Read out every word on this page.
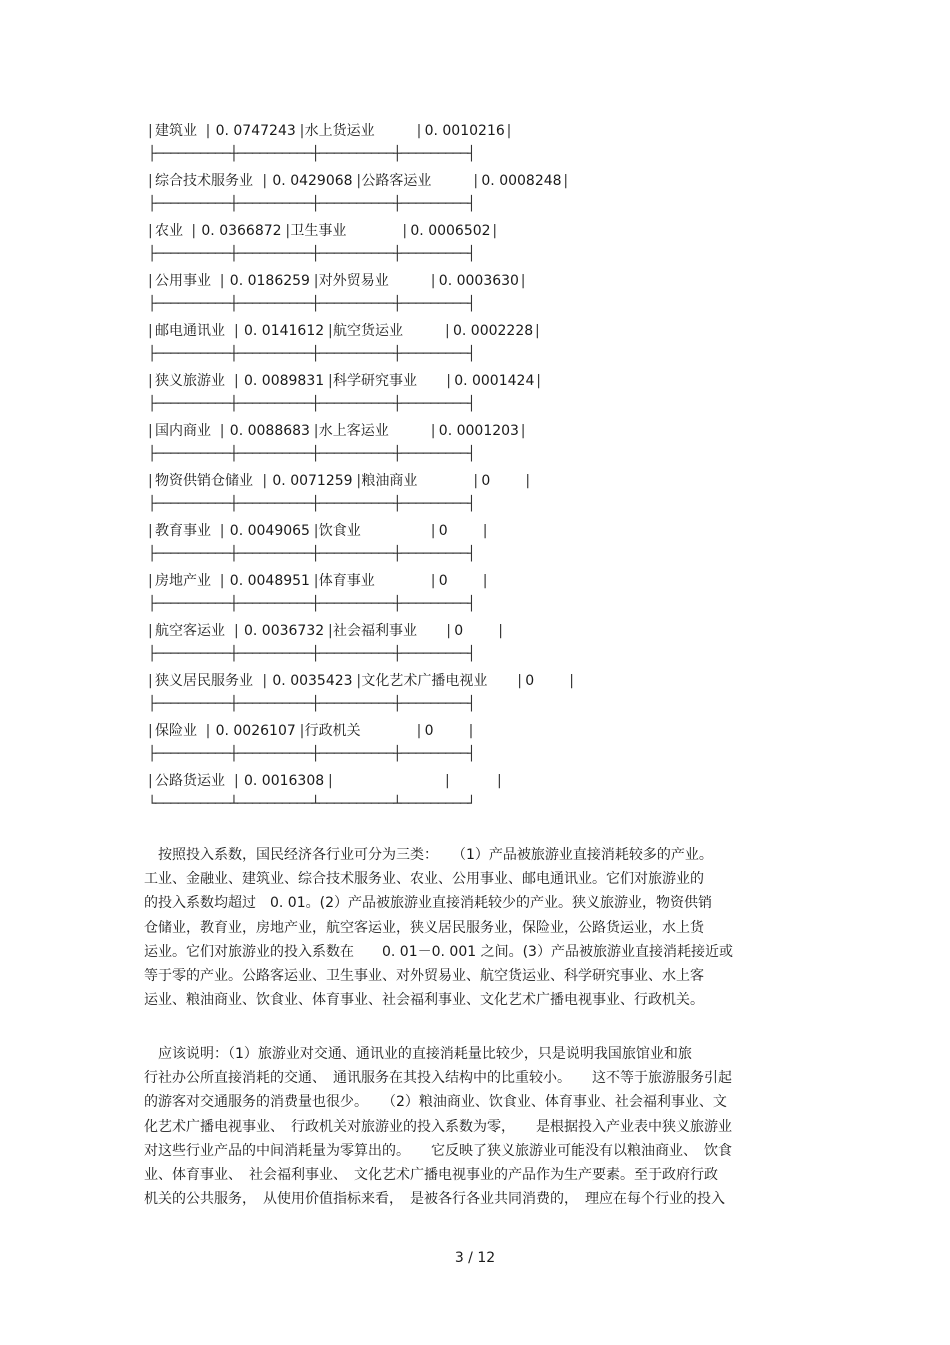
| 建筑业 | 0. 0747243 | 水上货运业	| 0. 0010216 |
├──────────┼──────────┼──────────┼─────────┤
| 综合技术服务业 | 0. 0429068 | 公路客运业	| 0. 0008248 |
├──────────┼──────────┼──────────┼─────────┤
| 农业 | 0. 0366872 | 卫生事业	| 0. 0006502 |
├──────────┼──────────┼──────────┼─────────┤
| 公用事业 | 0. 0186259 | 对外贸易业	| 0. 0003630 |
├──────────┼──────────┼──────────┼─────────┤
| 邮电通讯业 | 0. 0141612 | 航空货运业	| 0. 0002228 |
├──────────┼──────────┼──────────┼─────────┤
| 狭义旅游业 | 0. 0089831 | 科学研究事业 | 0. 0001424 |
├──────────┼──────────┼──────────┼─────────┤
| 国内商业 | 0. 0088683 | 水上客运业	| 0. 0001203 |
├──────────┼──────────┼──────────┼─────────┤
| 物资供销仓储业 | 0. 0071259 | 粮油商业	| 0	|
├──────────┼──────────┼──────────┼─────────┤
| 教育事业 | 0. 0049065 | 饮食业	| 0	|
├──────────┼──────────┼──────────┼─────────┤
| 房地产业 | 0. 0048951 | 体育事业	| 0	|
├──────────┼──────────┼──────────┼─────────┤
| 航空客运业 | 0. 0036732 | 社会福利事业 | 0	|
├──────────┼──────────┼──────────┼─────────┤
| 狭义居民服务业 | 0. 0035423 | 文化艺术广播电视业 | 0	|
├──────────┼──────────┼──────────┼─────────┤
| 保险业 | 0. 0026107 | 行政机关	| 0	|
├──────────┼──────────┼──────────┼─────────┤
| 公路货运业 | 0. 0016308 |	|	|
└──────────┴──────────┴──────────┴─────────┘

　按照投入系数，国民经济各行业可分为三类：　　（1）产品被旅游业直接消耗较多的产业。

工业、金融业、建筑业、综合技术服务业、农业、公用事业、邮电通讯业。它们对旅游业的

的投入系数均超过　0. 01。(2）产品被旅游业直接消耗较少的产业。狭义旅游业，物资供销

仓储业，教育业，房地产业，航空客运业，狭义居民服务业，保险业，公路货运业，水上货

运业。它们对旅游业的投入系数在　　0. 01－0. 001 之间。(3）产品被旅游业直接消耗接近或

等于零的产业。公路客运业、卫生事业、对外贸易业、航空货运业、科学研究事业、水上客

运业、粮油商业、饮食业、体育事业、社会福利事业、文化艺术广播电视事业、行政机关。

　应该说明：（1）旅游业对交通、通讯业的直接消耗量比较少，只是说明我国旅馆业和旅

行社办公所直接消耗的交通、　通讯服务在其投入结构中的比重较小。　　这不等于旅游服务引起

的游客对交通服务的消费量也很少。　　（2）粮油商业、饮食业、体育事业、社会福利事业、文

化艺术广播电视事业、　行政机关对旅游业的投入系数为零，　　是根据投入产业表中狭义旅游业

对这些行业产品的中间消耗量为零算出的。　　它反映了狭义旅游业可能没有以粮油商业、　饮食

业、体育事业、　社会福利事业、　文化艺术广播电视事业的产品作为生产要素。至于政府行政

机关的公共服务，　从使用价值指标来看，　是被各行各业共同消费的，　理应在每个行业的投入

3 / 12
